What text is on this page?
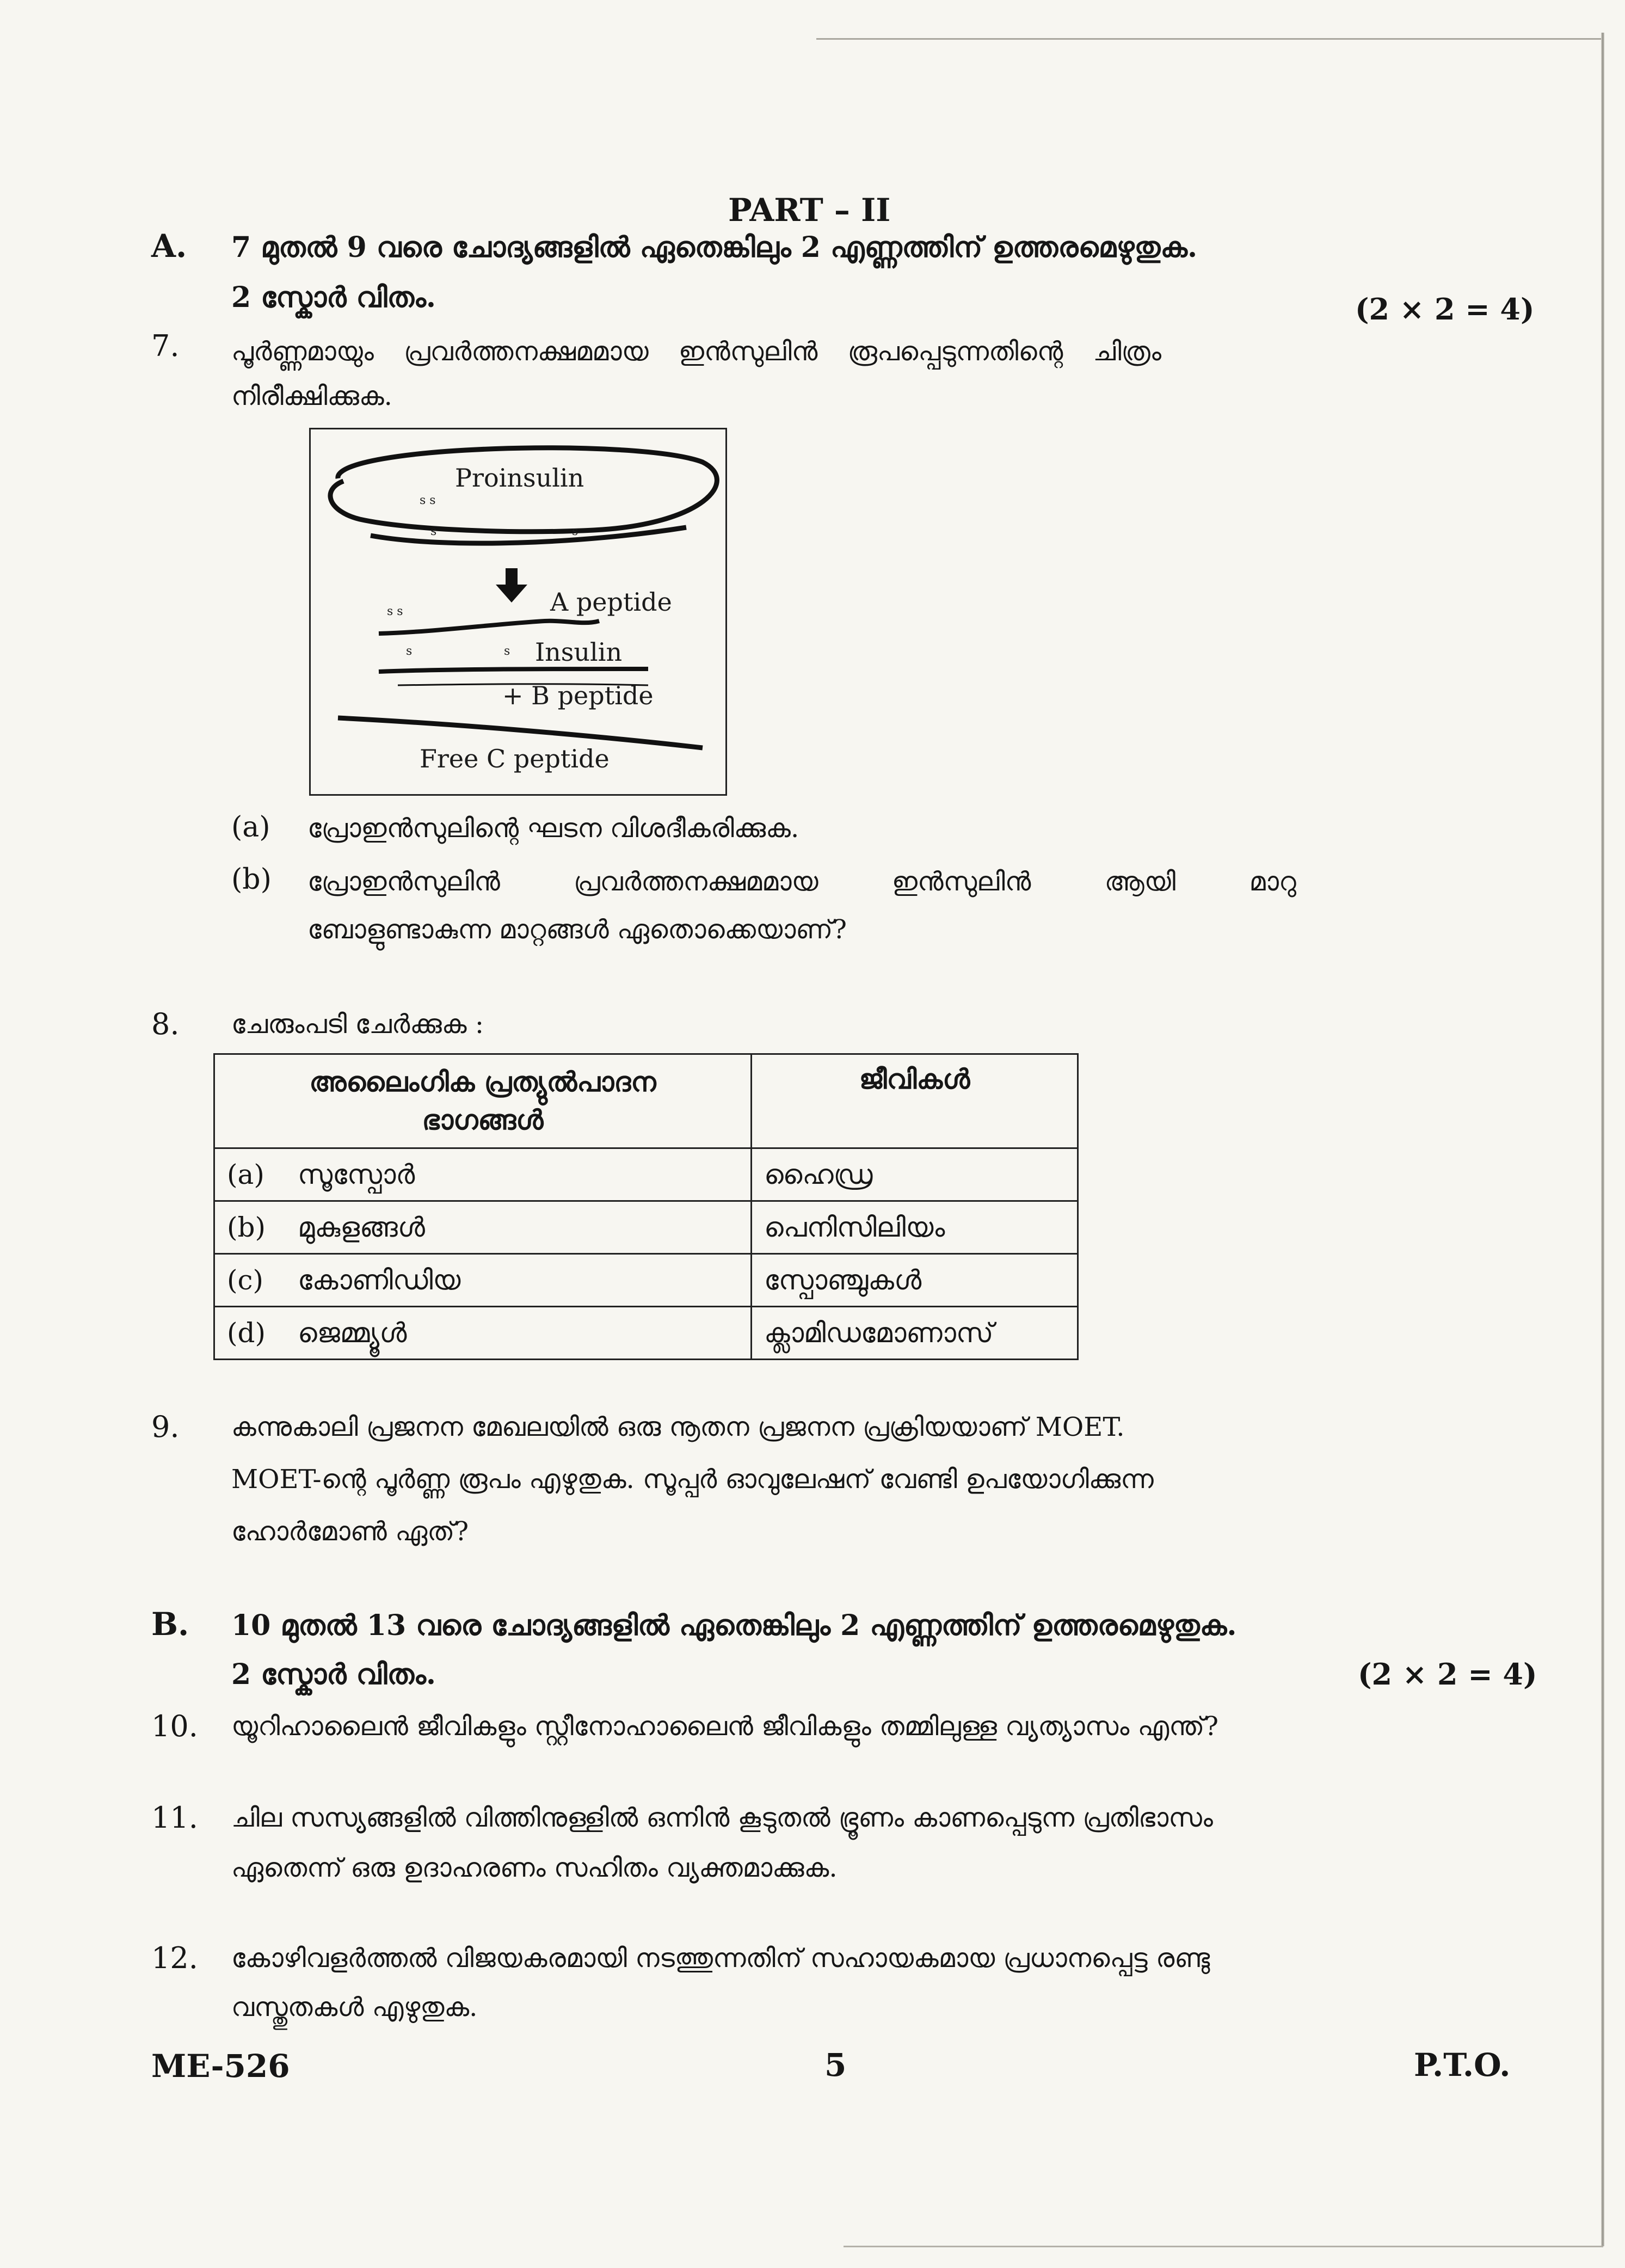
PART – II
A. 7 മുതൽ 9 വരെ ചോദ്യങ്ങളിൽ ഏതെങ്കിലും 2 എണ്ണത്തിന് ഉത്തരമെഴുതുക.
2 സ്കോർ വിതം.	(2 × 2 = 4)
7. പൂർണ്ണമായും പ്രവർത്തനക്ഷമമായ ഇൻസുലിൻ രൂപപ്പെടുന്നതിന്റെ ചിത്രം
നിരീക്ഷിക്കുക.
Proinsulin
s s
s	s
A peptide
s s
s	s Insulin
+ B peptide
Free C peptide
(a) പ്രോഇൻസുലിന്റെ ഘടന വിശദീകരിക്കുക.
(b) പ്രോഇൻസുലിൻ പ്രവർത്തനക്ഷമമായ ഇൻസുലിൻ ആയി മാറു
ബോളുണ്ടാകുന്ന മാറ്റങ്ങൾ ഏതൊക്കെയാണ്?
8. ചേരുംപടി ചേർക്കുക :
അലൈംഗിക പ്രത്യുൽപാദന
ഭാഗങ്ങൾ	ജീവികൾ
(a) സൂസ്പോർ	ഹൈഡ്ര
(b) മുകുളങ്ങൾ	പെനിസിലിയം
(c) കോണിഡിയ	സ്പോഞ്ചുകൾ
(d) ജെമ്മ്യൂൾ	ക്ലാമിഡമോണാസ്
9. കന്നുകാലി പ്രജനന മേഖലയിൽ ഒരു നൂതന പ്രജനന പ്രക്രിയയാണ് MOET.
MOET-ന്റെ പൂർണ്ണ രൂപം എഴുതുക. സൂപ്പർ ഓവുലേഷന് വേണ്ടി ഉപയോഗിക്കുന്ന
ഹോർമോൺ ഏത്?
B. 10 മുതൽ 13 വരെ ചോദ്യങ്ങളിൽ ഏതെങ്കിലും 2 എണ്ണത്തിന് ഉത്തരമെഴുതുക.
2 സ്കോർ വിതം.	(2 × 2 = 4)
10. യൂറിഹാലൈൻ ജീവികളും സ്റ്റീനോഹാലൈൻ ജീവികളും തമ്മിലുള്ള വ്യത്യാസം എന്ത്?
11. ചില സസ്യങ്ങളിൽ വിത്തിനുള്ളിൽ ഒന്നിൻ കൂടുതൽ ഭ്രൂണം കാണപ്പെടുന്ന പ്രതിഭാസം
ഏതെന്ന് ഒരു ഉദാഹരണം സഹിതം വ്യക്തമാക്കുക.
12. കോഴിവളർത്തൽ വിജയകരമായി നടത്തുന്നതിന് സഹായകമായ പ്രധാനപ്പെട്ട രണ്ടു
വസ്തുതകൾ എഴുതുക.
ME-526	5	P.T.O.
